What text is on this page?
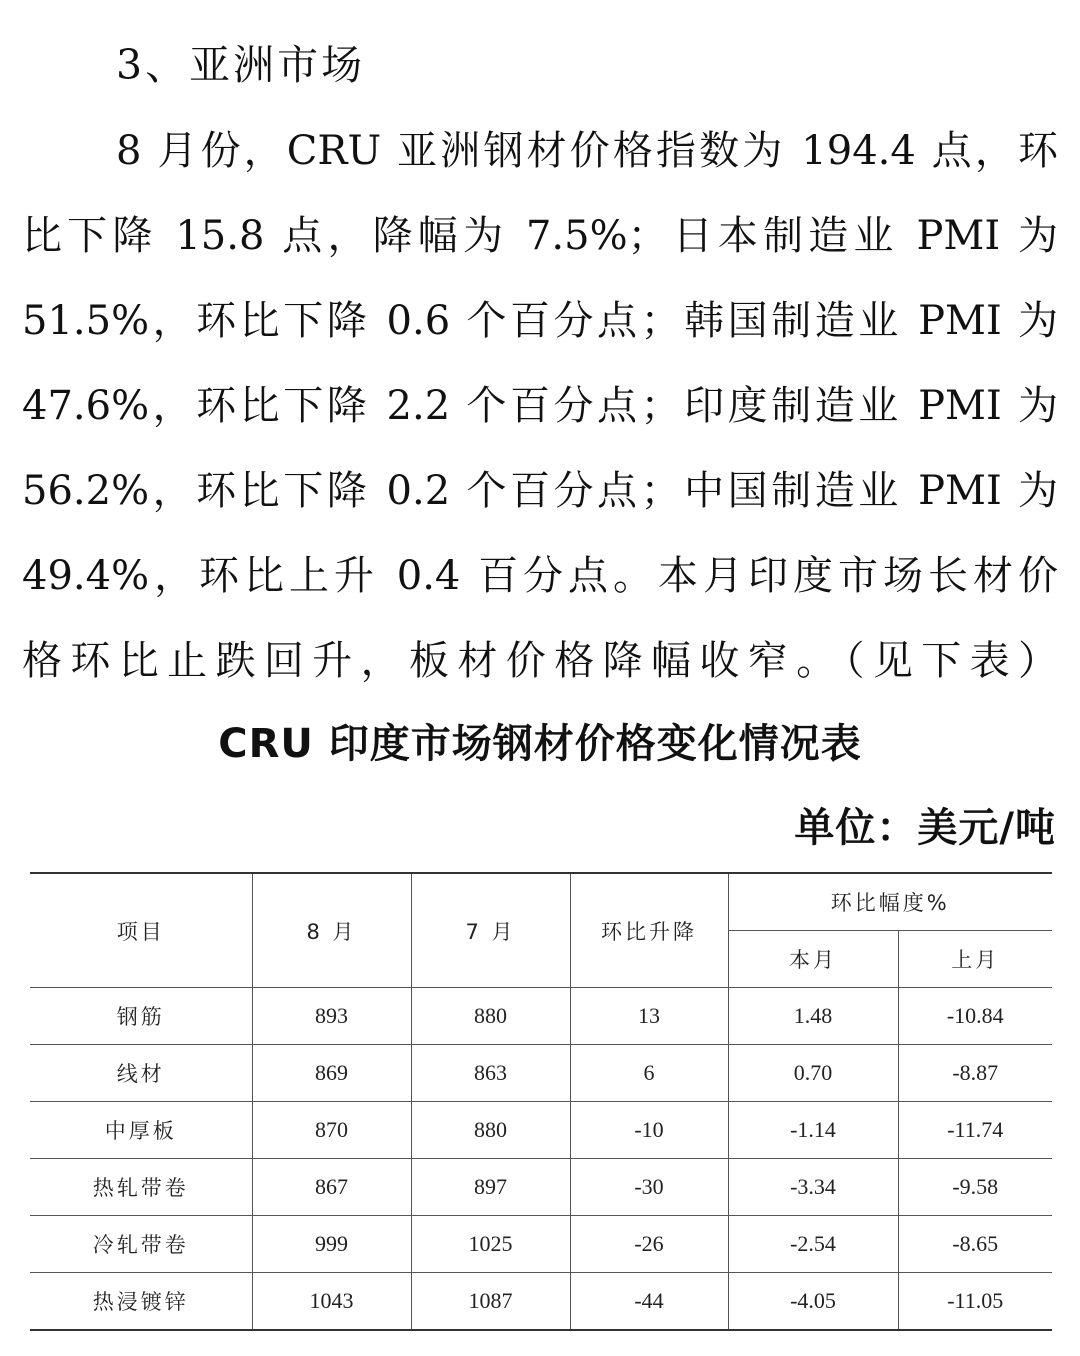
3、亚洲市场
8 月份，CRU 亚洲钢材价格指数为 194.4 点，环
比下降 15.8 点，降幅为 7.5%；日本制造业 PMI 为
51.5%，环比下降 0.6 个百分点；韩国制造业 PMI 为
47.6%，环比下降 2.2 个百分点；印度制造业 PMI 为
56.2%，环比下降 0.2 个百分点；中国制造业 PMI 为
49.4%，环比上升 0.4 百分点。本月印度市场长材价
格环比止跌回升，板材价格降幅收窄。（见下表）
CRU 印度市场钢材价格变化情况表
单位：美元/吨
项目	8 月	7 月	环比升降	环比幅度%	
				本月	上月
钢筋	893	880	13	1.48	-10.84
线材	869	863	6	0.70	-8.87
中厚板	870	880	-10	-1.14	-11.74
热轧带卷	867	897	-30	-3.34	-9.58
冷轧带卷	999	1025	-26	-2.54	-8.65
热浸镀锌	1043	1087	-44	-4.05	-11.05
